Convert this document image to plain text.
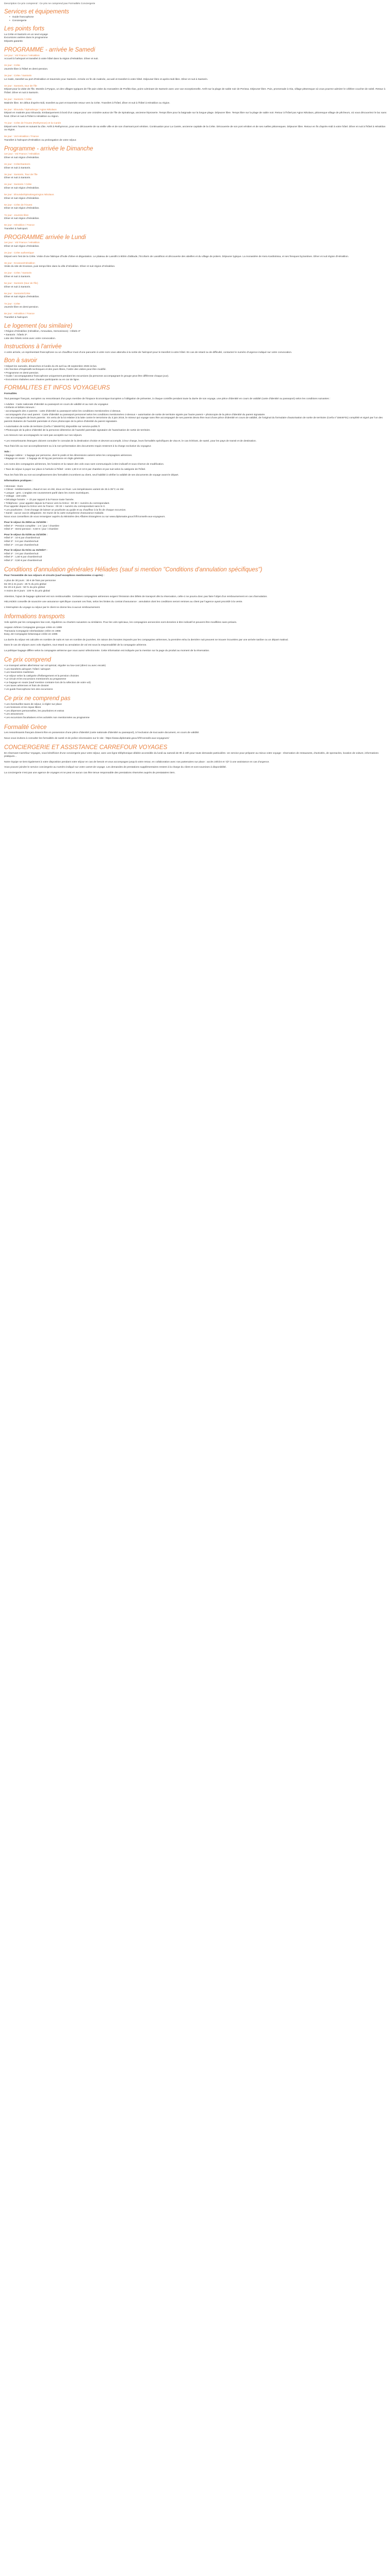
Description Ce prix comprend : Ce prix ne comprend pas Formalités Conciergerie
Services et équipements
• Guide francophone
• Conciergerie
Les points forts
La Crète et Santorin en un seul voyage
Excursions variées dans le programme
Départs garantis
PROGRAMME - arrivée le Samedi
1er jour : Vol France / Héraklion
Accueil à l'aéroport et transfert à votre hôtel dans la région d'Héraklion. Dîner et nuit.
2e jour : Crète
Journée libre à l'hôtel en demi-pension.
3e jour : Crète / Santorin
Le matin, transfert au port d'Héraklion et traversée pour Santorin. Arrivée en fin de matinée, accueil et transfert à votre hôtel. Déjeuner libre et après-midi libre. Dîner et nuit à Santorin.
4e jour : Santorin, tour de l'île
Départ pour la visite de l'île. Montée à Pyrgos, un des villages typiques de l'île puis visite du monastère de Profitis Ilias, point culminant de Santorin avec une vue exceptionnelle. Arrêt sur la plage de sable noir de Perissa. Déjeuner libre. Puis, promenade à Oia, village pittoresque où vous pourrez admirer le célèbre coucher de soleil. Retour à l'hôtel. Dîner et nuit à Santorin.
5e jour : Santorin / Crète
Matinée libre. En début d'après-midi, transfert au port et traversée retour vers la Crète. Transfert à l'hôtel, dîner et nuit à l'hôtel à Héraklion ou région.
6e jour : Elounda / Spinalonga / Agios Nikolaos
Départ en matinée pour Elounda. Embarquement à bord d'un caïque pour une croisière autour de l'île de Spinalonga, ancienne léproserie. Temps libre pour la baignade sur la longue plage. Déjeuner libre. Temps libre sur la plage de sable noir. Retour à l'hôtel par Agios Nikolaos, pittoresque village de pêcheurs, où vous découvrirez le lac sans fond. Dîner et nuit à l'hôtel à Héraklion ou région.
7e jour : Crète de l'Ouest (Rethymnon) et la Canée
Départ vers l'ouest en suivant la côte. Arrêt à Rethymnon, pour une découverte de sa vieille ville et de son charmant port vénitien. Continuation pour La Canée, ancienne capitale de la Crète. Découverte de son port vénitien et de ses ruelles pittoresques. Déjeuner libre. Retour en fin d'après-midi à votre hôtel. Dîner et nuit à l'hôtel à Héraklion ou région.
8e jour : Vol Héraklion / France
Transfert à l'aéroport d'Héraklion ou prolongation de votre séjour.
Programme - arrivée le Dimanche
1er jour : Vol France / Héraklion
Dîner et nuit région d'Héraklion.
2e jour : Crète/Santorin
Dîner et nuit à Santorin.
3e jour : Santorin, Tour de l'île
Dîner et nuit à Santorin.
4e jour : Santorin / Crète
Dîner et nuit région d'Héraklion.
5e jour : Elounda/Spinalonga/Agios Nikolaos
Dîner et nuit région d'Héraklion.
6e jour : Crète de l'Ouest
Dîner et nuit région d'Héraklion.
7e jour : Journée libre
Dîner et nuit région d'Héraklion.
8e jour : Héraklion / France
Transfert à l'aéroport.
PROGRAMME arrivée le Lundi
1er jour : Vol France / Héraklion
Dîner et nuit région d'Héraklion.
2e jour : Crète authentique
Départ vers l'est de la Crète. Visite d'une fabrique d'huile d'olive et dégustation. Le plateau de Lassithi à 800m d'altitude, l'Ecofarm de Lassithios et découverte des abeilles et du village de potiers. Déjeuner typique. La monastère de Kera Kardiotissa, et ses fresques byzantines. Dîner et nuit région d'Héraklion.
3e jour : Knossos/Héraklion
Visite du site de Knossos, puis temps libre dans la ville d'Héraklion. Dîner et nuit région d'Héraklion.
4e jour : Crète / Santorin
Dîner et nuit à Santorin.
5e jour : Santorin (tour de l'île)
Dîner et nuit à Santorin.
6e jour : Santorin/Crète
Dîner et nuit région d'Héraklion.
7e jour : Crète
Journée libre en demi-pension.
8e jour : Héraklion / France
Transfert à l'aéroport.
Le logement (ou similaire)
• Région d'Héraklion (Héraklion, Amoudara, Hersonissos) : Hôtels 3*
• Santorin : hôtels 3*.
Liste des hôtels remis avec votre convocation.
Instructions à l'arrivée
A votre arrivée, un représentant francophone ou un chauffeur muni d'une pancarte à votre nom vous attendra à la sortie de l'aéroport pour le transfert à votre hôtel. En cas de retard ou de difficulté, contactez le numéro d'urgence indiqué sur votre convocation.
Bon à savoir
• Départ les samedis, dimanches et lundis du 25 avril au 28 septembre 2026 inclus.
• En fonction d'impératifs techniques et des jours libres, l'ordre des visites peut être modifié.
• Programme en demi-pension.
• Guide / accompagnateur francophone uniquement pendant les excursions (la personne accompagnant le groupe peut être différente chaque jour).
• Excursions réalisées avec d'autres participants ou en car de ligne.
FORMALITES ET INFOS VOYAGEURS
Formalités
Tout passager français, européen ou ressortissant d'un pays membre de l'Espace Economique Européen a l'obligation de présenter, à chaque contrôle pendant toute la durée de son voyage, une pièce d'identité en cours de validité (carte d'identité ou passeport) selon les conditions suivantes :
• Adultes : Carte nationale d'identité ou passeport en cours de validité et au nom du voyageur.
• Enfants et bébés mineurs :
- accompagnés des 2 parents : carte d'identité ou passeport selon les conditions mentionnées ci-dessus.
- accompagnés d'un seul parent : Carte d'identité ou passeport personnel selon les conditions mentionnées ci-dessus + autorisation de sortie de territoire signée par l'autre parent + photocopie de la pièce d'identité du parent signataire.
- non accompagnés de leurs parents : En vertu de la loi relative à la lutte contre le terrorisme du 3 juin 2016, le mineur qui voyage sans être accompagné de ses parents devra être muni d'une pièce d'identité en cours de validité, de l'original du formulaire d'autorisation de sortie de territoire (Cerfa n°15646*01) complété et signé par l'un des parents titulaires de l'autorité parentale et d'une photocopie de la pièce d'identité du parent signataire.
• Autorisation de sortie de territoire (Cerfa n°15646*01) disponible sur service-public.fr
• Photocopie de la pièce d'identité de la personne détentrice de l'autorité parentale signataire de l'autorisation de sortie de territoire.
Les mineurs non accompagnés ne sont pas acceptés sur nos séjours.
• Les ressortissants étrangers doivent consulter le consulat de la destination choisie et devront accomplir, à leur charge, leurs formalités spécifiques de visa et, le cas échéant, de santé, pour les pays de transit et de destination.
Tous frais liés au non-accomplissement ou à la non-présentation des documents requis resteront à la charge exclusive du voyageur.
Vols :
• Bagage cabine : 1 bagage par personne, dont le poids et les dimensions varient selon les compagnies aériennes.
• Bagage en soute : 1 bagage de 20 kg par personne en règle générale.
Les noms des compagnies aériennes, les horaires et la nature des vols vous sont communiqués à titre indicatif et sous réserve de modification.
• Taxe de séjour à payer sur place à l'arrivée à l'hôtel : entre 1,50 € et 10 € par chambre et par nuit selon la catégorie de l'hôtel.
Tous les frais liés au non-accomplissement des formalités incombent au client, seul habilité à vérifier la validité de ses documents de voyage avant le départ.
Informations pratiques :
• Monnaie : Euro
• Climat : méditerranéen, chaud et sec en été, doux en hiver. Les températures varient de 25 à 35°C en été.
• Langue : grec. L'anglais est couramment parlé dans les zones touristiques.
• Voltage : 220 volts
• Décalage horaire : + 1h par rapport à la France toute l'année.
• Téléphone : pour appeler depuis la France vers la Grèce : 00 30 + numéro du correspondant.
Pour appeler depuis la Grèce vers la France : 00 33 + numéro du correspondant sans le 0.
• Les pourboires : il est d'usage de laisser un pourboire au guide et au chauffeur à la fin de chaque excursion.
• Santé : aucun vaccin obligatoire. Se munir de la carte européenne d'assurance maladie.
Nous vous conseillons de vous renseigner auprès du Ministère des Affaires Etrangères ou sur www.diplomatie.gouv.fr/fr/conseils-aux-voyageurs.
Pour le séjour du 25/04 au 31/10/26 :
Hôtel 4* - Pension complète : 1 € / jour / chambre
Hôtel 3* - Demi-pension : 0,50 € / jour / chambre
Pour le séjour du 01/05 au 31/10/26 :
Hôtel 4* : 10 € par chambre/nuit
Hôtel 3* : 5 € par chambre/nuit
Hôtel 2* : 3 € par chambre/nuit
Pour le séjour du 01/11 au 31/03/27 :
Hôtel 4* : 3 € par chambre/nuit
Hôtel 3* : 1,50 € par chambre/nuit
Hôtel 2* : 0,50 € par chambre/nuit
Conditions d'annulation générales Héliades (sauf si mention "Conditions d'annulation spécifiques")
Pour l'ensemble de nos séjours et circuits (sauf exceptions mentionnées ci-après) :
A plus de 30 jours : 30 € de frais par personne
De 30 à 21 jours : 25 % du prix global
De 20 à 8 jours : 50 % du prix global
A moins de 8 jours : 100 % du prix global
Attention, l'ajout de bagage optionnel est non remboursable. Certaines compagnies aériennes exigent l'émission des billets de transport dès la réservation, celle-ci ne pourra donc pas faire l'objet d'un remboursement en cas d'annulation.
HELIADES conseille de souscrire une assurance spécifique couvrant ces frais, selon les limites du contrat d'assurance : annulation dont les conditions seront remises au client par l'agence ayant procédé à la vente.
L'interruption du voyage ou séjour par le client ne donne lieu à aucun remboursement.
Informations transports
Vols opérés par les compagnies low-cost, régulières ou charters suivantes ou similaires. Pour les vols spéciaux, les compagnies annoncées sont données à titre indicatif et peuvent être modifiées sans préavis.
Aegean Airlines Compagnie grecque créée en 1999
Transavia Compagnie néerlandaise créée en 1966
Easy Jet Compagnie britannique créée en 1995
La durée du séjour est calculée en nombre de nuits et non en nombre de journées. En raison des horaires imposés par les compagnies aériennes, la première et/ou la dernière nuit peuvent se trouver écourtées par une arrivée tardive ou un départ matinal.
Dans le cas de séjours avec vols réguliers, tout retard ou annulation de vol est sous la responsabilité de la compagnie aérienne.
La politique bagage diffère selon la compagnie aérienne que vous aurez sélectionnée. Cette information est indiquée par la mention sur la page du produit au moment de la réservation.
Ce prix comprend
• Le transport aérien aller/retour sur vol spécial, régulier ou low-cost (direct ou avec escale)
• Les transferts aéroport / hôtel / aéroport
• Les traversées maritimes
• Le séjour selon la catégorie d'hébergement et la pension choisies
• Le circuit et les excursions mentionnés au programme
• Le bagage en soute (sauf mention contraire lors de la sélection de votre vol)
• Les taxes aériennes et frais de dossier
• Un guide francophone lors des excursions
Ce prix ne comprend pas
• Les éventuelles taxes de séjour, à régler sur place
• Les boissons et les repas libres
• Les dépenses personnelles, les pourboires et extras
• Les assurances
• Les excursions facultatives et les activités non mentionnées au programme
Formalité Grèce
Les ressortissants français doivent être en possession d'une pièce d'identité (carte nationale d'identité ou passeport), à l'exclusion de tout autre document, en cours de validité.
Nous vous invitons à consulter les formalités de santé et de police nécessaires sur le site : https://www.diplomatie.gouv.fr/fr/conseils-aux-voyageurs/
CONCIERGERIE ET ASSISTANCE CARREFOUR VOYAGES
En réservant Carrefour Voyages, vous bénéficiez d'une conciergerie pour votre séjour, avec une ligne téléphonique dédiée accessible du lundi au samedi de 9h à 19h pour toute demande particulière. Un service pour préparer au mieux votre voyage : réservation de restaurants, d'activités, de spectacles, location de voiture, informations pratiques...
Notre équipe se tient également à votre disposition pendant votre séjour en cas de besoin et vous accompagne jusqu'à votre retour, en collaboration avec nos partenaires sur place : accès 24h/24 et 7j/7 à une assistance en cas d'urgence.
Vous pouvez joindre le service conciergerie au numéro indiqué sur votre carnet de voyage. Les demandes de prestations supplémentaires restent à la charge du client et sont soumises à disponibilité.
La conciergerie n'est pas une agence de voyages et ne peut en aucun cas être tenue responsable des prestations réservées auprès de prestataires tiers.
